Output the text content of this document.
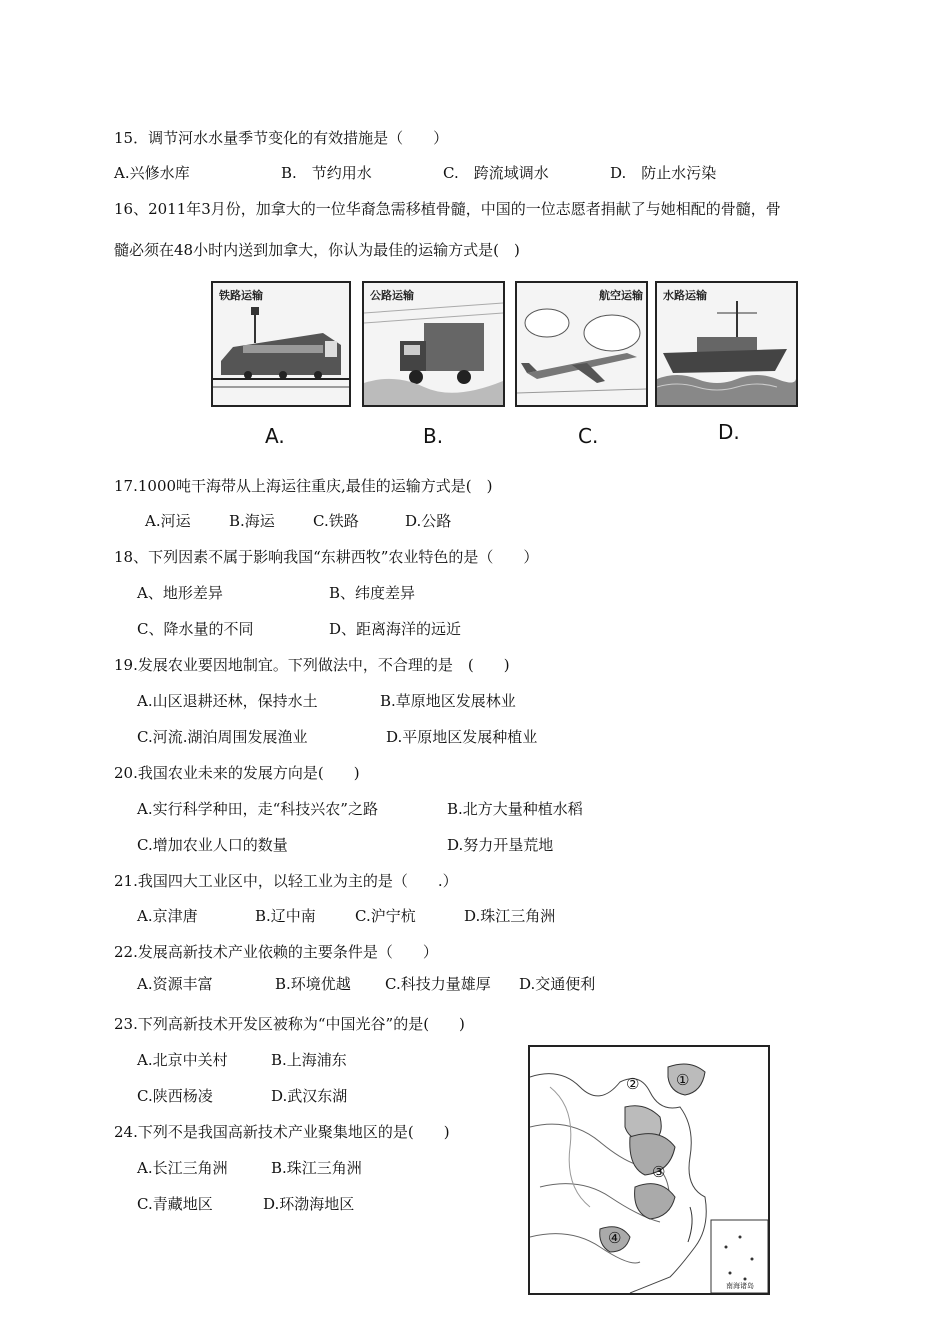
15．调节河水水量季节变化的有效措施是（　　）
A.兴修水库	B.　节约用水	C.　跨流域调水	D.　防止水污染
16、2011年3月份，加拿大的一位华裔急需移植骨髓，中国的一位志愿者捐献了与她相配的骨髓，骨
髓必须在48小时内送到加拿大，你认为最佳的运输方式是(　)
铁路运输	公路运输	航空运输 水路运输
A.	B.	C.	D.
17.1000吨干海带从上海运往重庆,最佳的运输方式是(　)
A.河运	B.海运	C.铁路	D.公路
18、下列因素不属于影响我国“东耕西牧”农业特色的是（　　）
A、地形差异	B、纬度差异
C、降水量的不同	D、距离海洋的远近
19.发展农业要因地制宜。下列做法中，不合理的是　(　　)
A.山区退耕还林，保持水土	B.草原地区发展林业
C.河流.湖泊周围发展渔业	D.平原地区发展种植业
20.我国农业未来的发展方向是(　　)
A.实行科学种田，走“科技兴农”之路	B.北方大量种植水稻
C.增加农业人口的数量	D.努力开垦荒地
21.我国四大工业区中，以轻工业为主的是（　　.）
A.京津唐	B.辽中南	C.沪宁杭	D.珠江三角洲
22.发展高新技术产业依赖的主要条件是（　　）
A.资源丰富	B.环境优越 C.科技力量雄厚 D.交通便利
23.下列高新技术开发区被称为“中国光谷”的是(　　)
A.北京中关村	B.上海浦东
C.陕西杨凌	D.武汉东湖
24.下列不是我国高新技术产业聚集地区的是(　　)
A.长江三角洲	B.珠江三角洲
C.青藏地区	D.环渤海地区
①
②
③
④
南海诸岛
